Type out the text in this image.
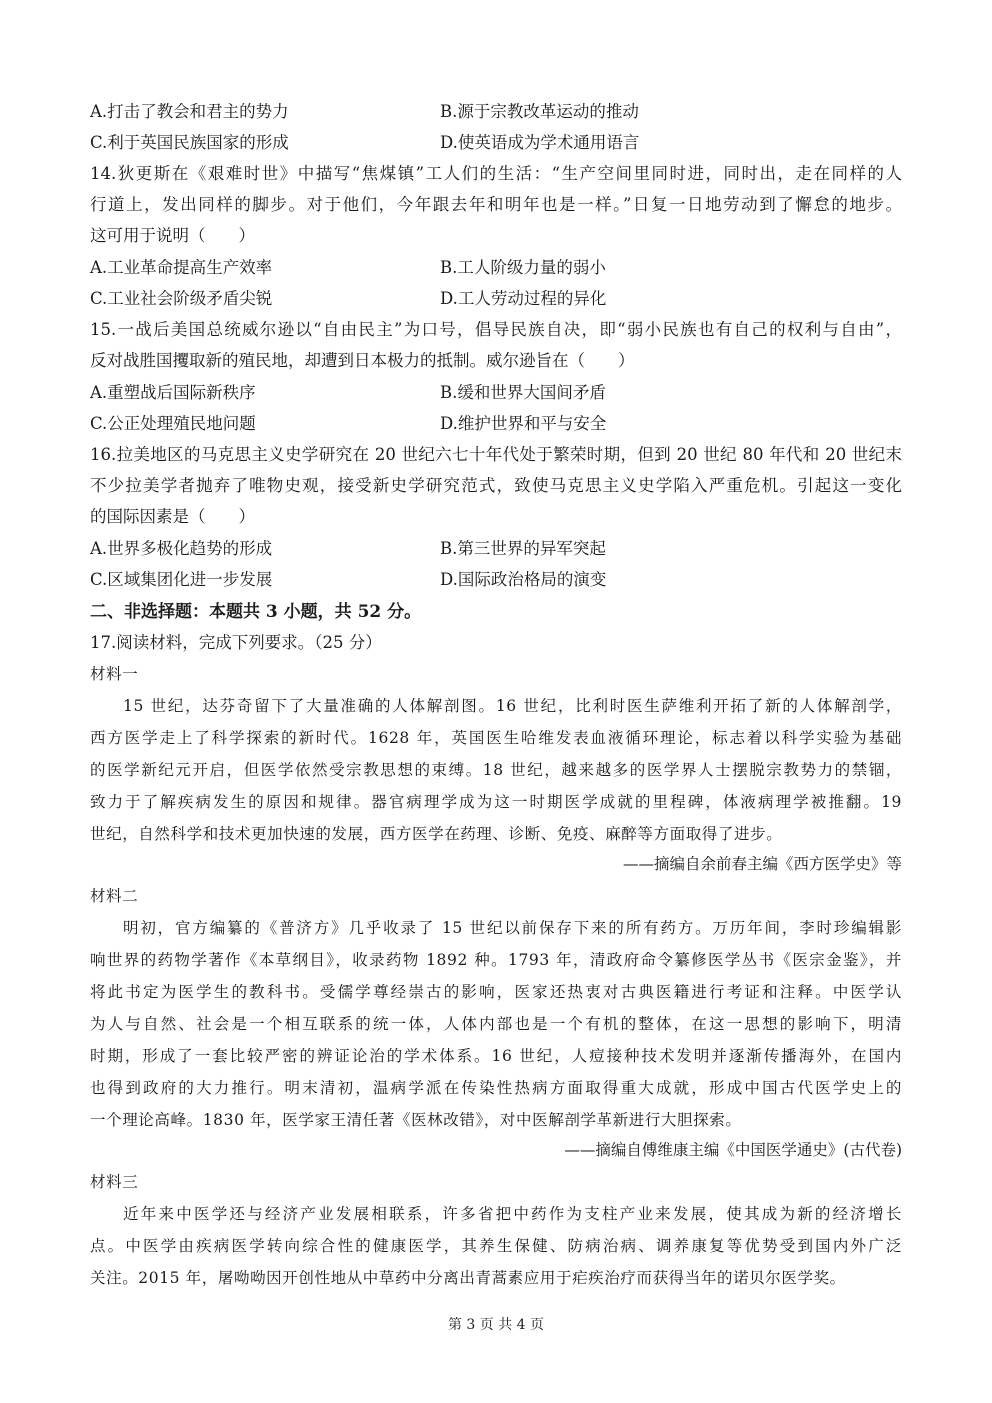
A.打击了教会和君主的势力	B.源于宗教改革运动的推动
C.利于英国民族国家的形成	D.使英语成为学术通用语言
14.狄更斯在《艰难时世》中描写“焦煤镇”工人们的生活：“生产空间里同时进，同时出，走在同样的人
行道上，发出同样的脚步。对于他们，今年跟去年和明年也是一样。”日复一日地劳动到了懈怠的地步。
这可用于说明（　　）
A.工业革命提高生产效率	B.工人阶级力量的弱小
C.工业社会阶级矛盾尖锐	D.工人劳动过程的异化
15.一战后美国总统威尔逊以“自由民主”为口号，倡导民族自决，即“弱小民族也有自己的权利与自由”，
反对战胜国攫取新的殖民地，却遭到日本极力的抵制。威尔逊旨在（　　）
A.重塑战后国际新秩序	B.缓和世界大国间矛盾
C.公正处理殖民地问题	D.维护世界和平与安全
16.拉美地区的马克思主义史学研究在 20 世纪六七十年代处于繁荣时期，但到 20 世纪 80 年代和 20 世纪末
不少拉美学者抛弃了唯物史观，接受新史学研究范式，致使马克思主义史学陷入严重危机。引起这一变化
的国际因素是（　　）
A.世界多极化趋势的形成	B.第三世界的异军突起
C.区域集团化进一步发展	D.国际政治格局的演变
二、非选择题：本题共 3 小题，共 52 分。
17.阅读材料，完成下列要求。（25 分）
材料一
15 世纪，达芬奇留下了大量准确的人体解剖图。16 世纪，比利时医生萨维利开拓了新的人体解剖学，
西方医学走上了科学探索的新时代。1628 年，英国医生哈维发表血液循环理论，标志着以科学实验为基础
的医学新纪元开启，但医学依然受宗教思想的束缚。18 世纪，越来越多的医学界人士摆脱宗教势力的禁锢，
致力于了解疾病发生的原因和规律。器官病理学成为这一时期医学成就的里程碑，体液病理学被推翻。19
世纪，自然科学和技术更加快速的发展，西方医学在药理、诊断、免疫、麻醉等方面取得了进步。
——摘编自余前春主编《西方医学史》等
材料二
明初，官方编纂的《普济方》几乎收录了 15 世纪以前保存下来的所有药方。万历年间，李时珍编辑影
响世界的药物学著作《本草纲目》，收录药物 1892 种。1793 年，清政府命令纂修医学丛书《医宗金鉴》，并
将此书定为医学生的教科书。受儒学尊经崇古的影响，医家还热衷对古典医籍进行考证和注释。中医学认
为人与自然、社会是一个相互联系的统一体，人体内部也是一个有机的整体，在这一思想的影响下，明清
时期，形成了一套比较严密的辨证论治的学术体系。16 世纪，人痘接种技术发明并逐渐传播海外，在国内
也得到政府的大力推行。明末清初，温病学派在传染性热病方面取得重大成就，形成中国古代医学史上的
一个理论高峰。1830 年，医学家王清任著《医林改错》，对中医解剖学革新进行大胆探索。
——摘编自傅维康主编《中国医学通史》(古代卷)
材料三
近年来中医学还与经济产业发展相联系，许多省把中药作为支柱产业来发展，使其成为新的经济增长
点。中医学由疾病医学转向综合性的健康医学，其养生保健、防病治病、调养康复等优势受到国内外广泛
关注。2015 年，屠呦呦因开创性地从中草药中分离出青蒿素应用于疟疾治疗而获得当年的诺贝尔医学奖。
第 3 页 共 4 页
